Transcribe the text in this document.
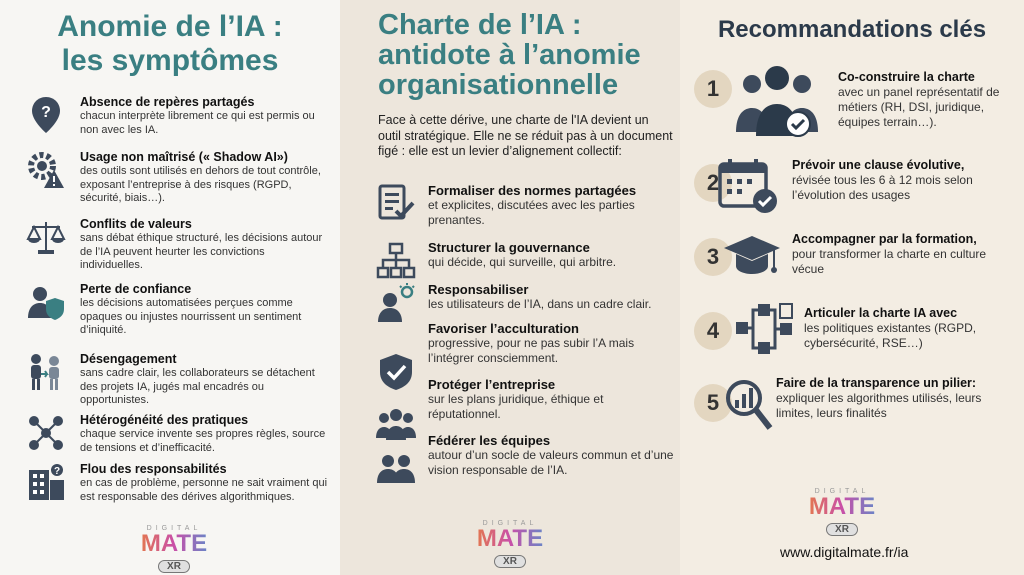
Anomie de l’IA :
les symptômes
?
Absence de repères partagés
chacun interprète librement ce qui est permis ou non avec les IA.
Usage non maîtrisé (« Shadow AI»)
des outils sont utilisés en dehors de tout contrôle, exposant l’entreprise à des risques (RGPD, sécurité, biais…).
Conflits de valeurs
sans débat éthique structuré, les décisions autour de l’IA peuvent heurter les convictions individuelles.
Perte de confiance
les décisions automatisées perçues comme opaques ou injustes nourrissent un sentiment d’iniquité.
Désengagement
sans cadre clair, les collaborateurs se détachent des projets IA, jugés mal encadrés ou opportunistes.
Hétérogénéité des pratiques
chaque service invente ses propres règles, source de tensions et d’inefficacité.
? Flou des responsabilités
en cas de problème, personne ne sait vraiment qui est responsable des dérives algorithmiques.
DIGITAL
MATE
XR
Charte de l’IA :
antidote à l’anomie
organisationnelle
Face à cette dérive, une charte de l'IA devient un outil stratégique. Elle ne se réduit pas à un document figé : elle est un levier d’alignement collectif:
Formaliser des normes partagées
et explicites, discutées avec les parties prenantes.
Structurer la gouvernance
qui décide, qui surveille, qui arbitre.
Responsabiliser
les utilisateurs de l’IA, dans un cadre clair.
Favoriser l’acculturation
progressive, pour ne pas subir l’A mais l’intégrer consciemment.
Protéger l’entreprise
sur les plans juridique, éthique et réputationnel.
Fédérer les équipes
autour d’un socle de valeurs commun et d’une vision responsable de l’IA.
DIGITAL
MATE
XR
Recommandations clés
1	Co-construire la charte
avec un panel représentatif de métiers (RH, DSI, juridique, équipes terrain…).
2
Prévoir une clause évolutive,
révisée tous les 6 à 12 mois selon l’évolution des usages
3
Accompagner par la formation,
pour transformer la charte en culture vécue
4
Articuler la charte IA avec
les politiques existantes (RGPD, cybersécurité, RSE…)
5
Faire de la transparence un pilier:
expliquer les algorithmes utilisés, leurs limites, leurs finalités
DIGITAL
MATE
XR
www.digitalmate.fr/ia
